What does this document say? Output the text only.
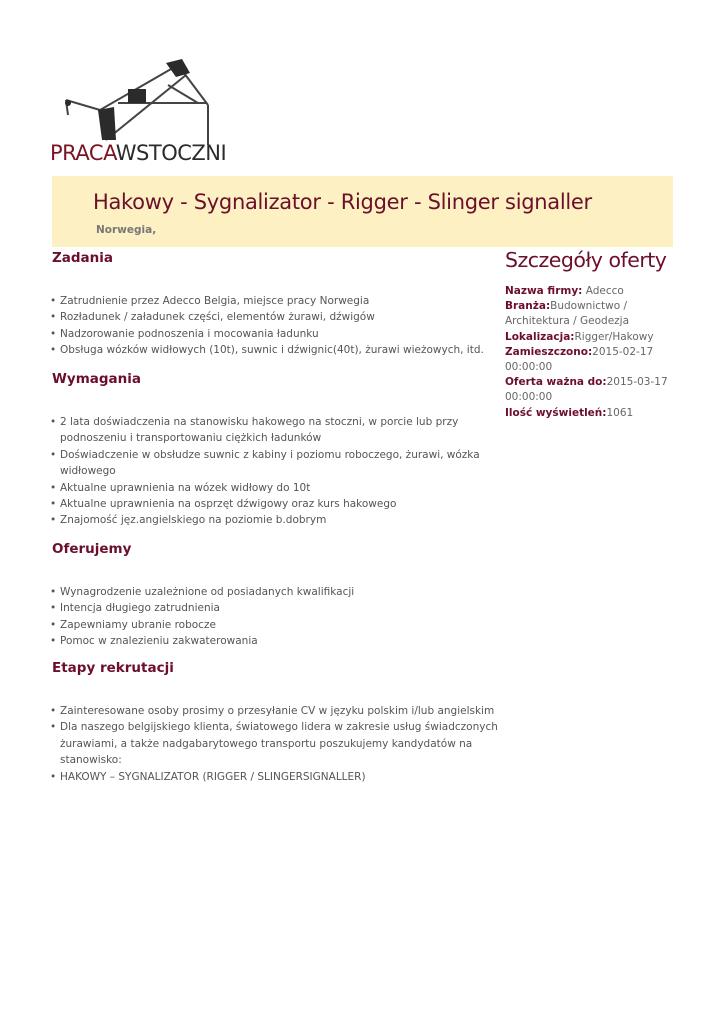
PRACAWSTOCZNI
Hakowy - Sygnalizator - Rigger - Slinger signaller
Norwegia,
Zadania
• Zatrudnienie przez Adecco Belgia, miejsce pracy Norwegia
• Rozładunek / załadunek części, elementów żurawi, dźwigów
• Nadzorowanie podnoszenia i mocowania ładunku
• Obsługa wózków widłowych (10t), suwnic i dźwignic(40t), żurawi wieżowych, itd.
Wymagania
• 2 lata doświadczenia na stanowisku hakowego na stoczni, w porcie lub przy podnoszeniu i transportowaniu ciężkich ładunków
• Doświadczenie w obsłudze suwnic z kabiny i poziomu roboczego, żurawi, wózka widłowego
• Aktualne uprawnienia na wózek widłowy do 10t
• Aktualne uprawnienia na osprzęt dźwigowy oraz kurs hakowego
• Znajomość jęz.angielskiego na poziomie b.dobrym
Oferujemy
• Wynagrodzenie uzależnione od posiadanych kwalifikacji
• Intencja długiego zatrudnienia
• Zapewniamy ubranie robocze
• Pomoc w znalezieniu zakwaterowania
Etapy rekrutacji
• Zainteresowane osoby prosimy o przesyłanie CV w języku polskim i/lub angielskim
• Dla naszego belgijskiego klienta, światowego lidera w zakresie usług świadczonych żurawiami, a także nadgabarytowego transportu poszukujemy kandydatów na stanowisko:
• HAKOWY – SYGNALIZATOR (RIGGER / SLINGERSIGNALLER)
Szczegóły oferty
Nazwa firmy: Adecco
Branża:Budownictwo / Architektura / Geodezja
Lokalizacja:Rigger/Hakowy
Zamieszczono:2015-02-17 00:00:00
Oferta ważna do:2015-03-17 00:00:00
Ilość wyświetleń:1061
